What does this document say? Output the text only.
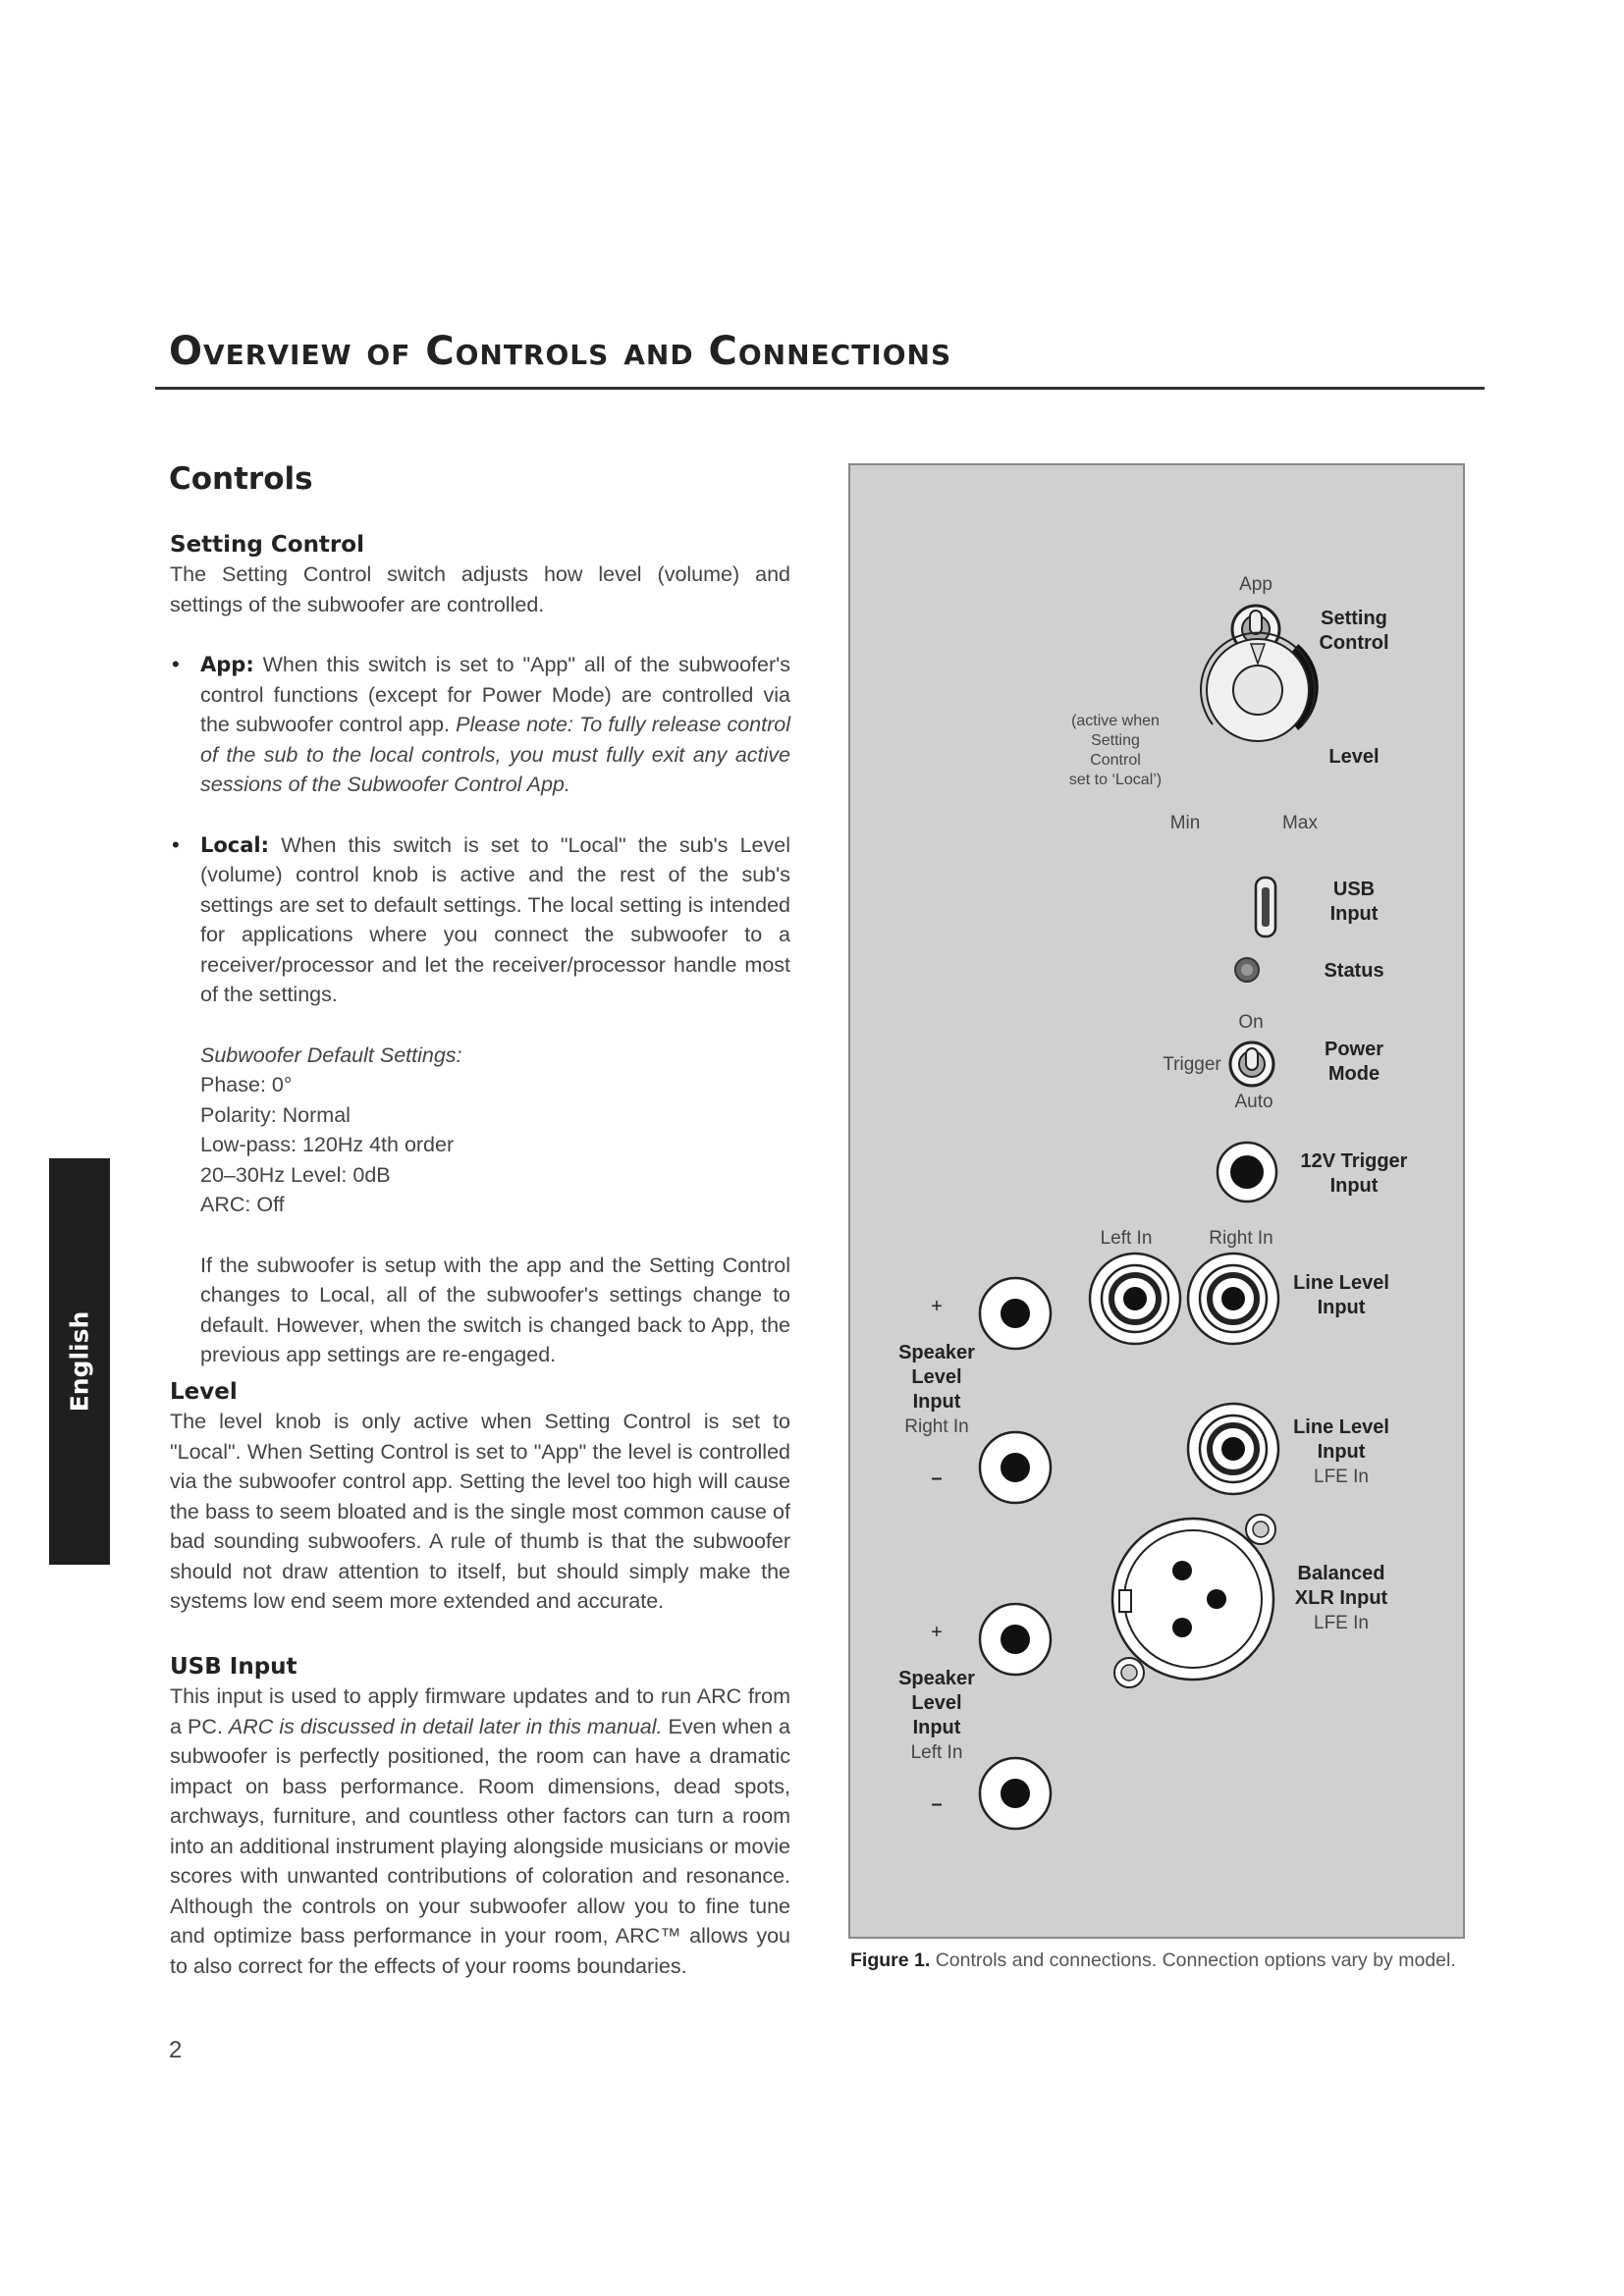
Overview of Controls and Connections
Controls

Setting Control

The Setting Control switch adjusts how level (volume) and settings of the subwoofer are controlled.

• App: When this switch is set to "App" all of the subwoofer's control functions (except for Power Mode) are controlled via the subwoofer control app. Please note: To fully release control of the sub to the local controls, you must fully exit any active sessions of the Subwoofer Control App.

• Local: When this switch is set to "Local" the sub's Level (volume) control knob is active and the rest of the sub's settings are set to default settings. The local setting is intended for applications where you connect the subwoofer to a receiver/processor and let the receiver/processor handle most of the settings.

Subwoofer Default Settings:

Phase: 0°

Polarity: Normal

Low-pass: 120Hz 4th order

20–30Hz Level: 0dB

ARC: Off

If the subwoofer is setup with the app and the Setting Control changes to Local, all of the subwoofer's settings change to default. However, when the switch is changed back to App, the previous app settings are re-engaged.

Level

The level knob is only active when Setting Control is set to "Local". When Setting Control is set to "App" the level is controlled via the subwoofer control app. Setting the level too high will cause the bass to seem bloated and is the single most common cause of bad sounding subwoofers. A rule of thumb is that the subwoofer should not draw attention to itself, but should simply make the systems low end seem more extended and accurate.

USB Input

This input is used to apply firmware updates and to run ARC from a PC. ARC is discussed in detail later in this manual. Even when a subwoofer is perfectly positioned, the room can have a dramatic impact on bass performance. Room dimensions, dead spots, archways, furniture, and countless other factors can turn a room into an additional instrument playing alongside musicians or movie scores with unwanted contributions of coloration and resonance. Although the controls on your subwoofer allow you to fine tune and optimize bass performance in your room, ARC™ allows you to also correct for the effects of your rooms boundaries.

English
2
App
Setting
Control
(active when
Setting
Control
set to ‘Local’)
Level
Min	Max
USB
Input
Status
On
Trigger
Auto
Power
Mode
12V Trigger
Input
Left In	Right In
Line Level
Input
+
Speaker
Level
Input
Right In
–
Line Level
Input
LFE In
Balanced
XLR Input
LFE In
+
Speaker
Level
Input
Left In
–

Figure 1. Controls and connections. Connection options vary by model.
